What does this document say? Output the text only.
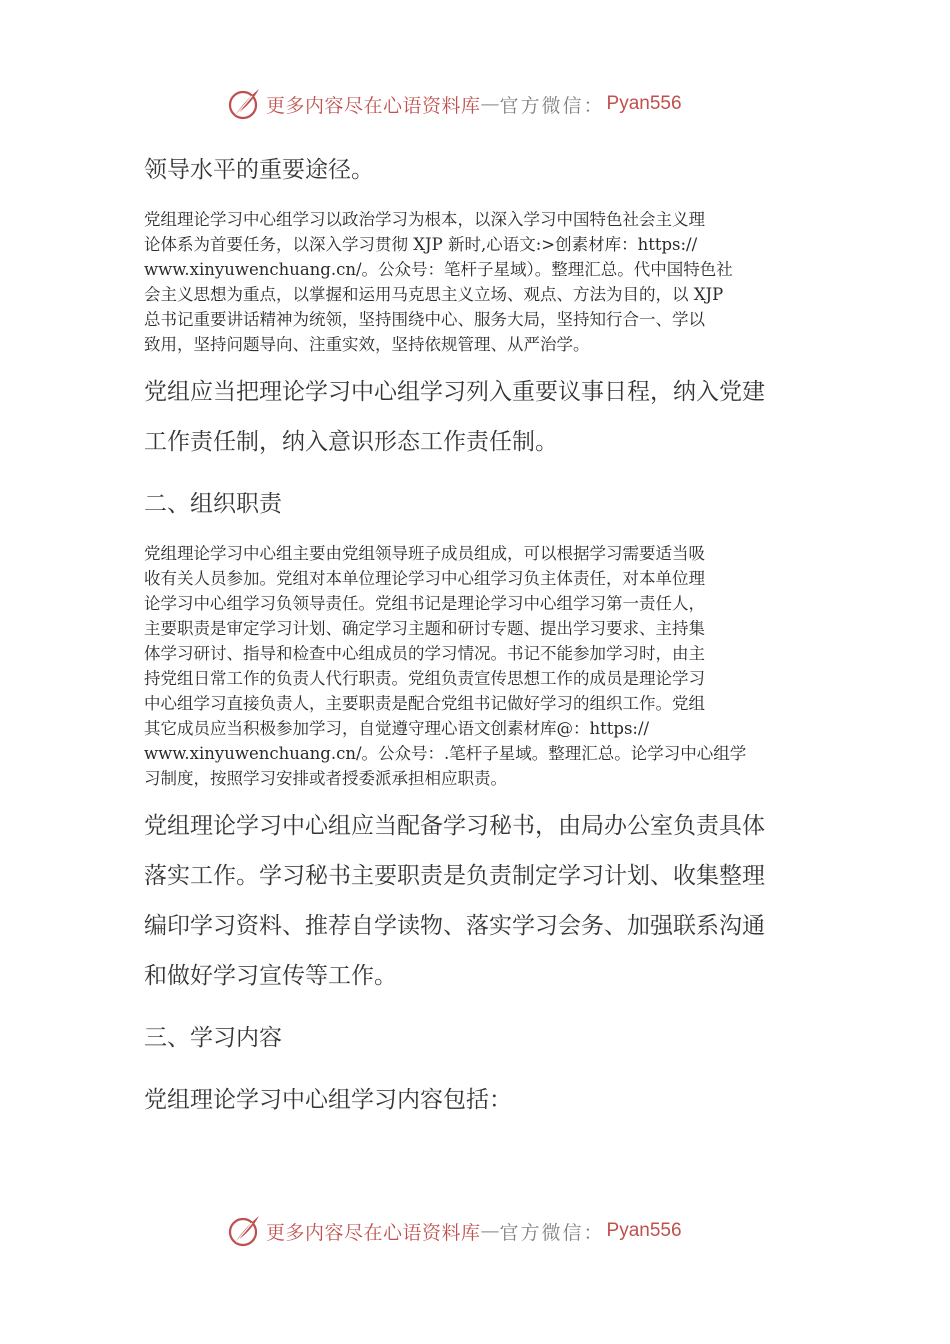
更多内容尽在心语资料库 — 官方微信： Pyan556

领导水平的重要途径。

党组理论学习中心组学习以政治学习为根本，以深入学习中国特色社会主义理
论体系为首要任务，以深入学习贯彻 XJP 新时,心语文:>创素材库：https://
www.xinyuwenchuang.cn/。公众号：笔杆子星域）。整理汇总。代中国特色社
会主义思想为重点，以掌握和运用马克思主义立场、观点、方法为目的，以 XJP
总书记重要讲话精神为统领，坚持围绕中心、服务大局，坚持知行合一、学以
致用，坚持问题导向、注重实效，坚持依规管理、从严治学。

党组应当把理论学习中心组学习列入重要议事日程，纳入党建
工作责任制，纳入意识形态工作责任制。

二、组织职责

党组理论学习中心组主要由党组领导班子成员组成，可以根据学习需要适当吸
收有关人员参加。党组对本单位理论学习中心组学习负主体责任，对本单位理
论学习中心组学习负领导责任。党组书记是理论学习中心组学习第一责任人，
主要职责是审定学习计划、确定学习主题和研讨专题、提出学习要求、主持集
体学习研讨、指导和检查中心组成员的学习情况。书记不能参加学习时，由主
持党组日常工作的负责人代行职责。党组负责宣传思想工作的成员是理论学习
中心组学习直接负责人，主要职责是配合党组书记做好学习的组织工作。党组
其它成员应当积极参加学习，自觉遵守理心语文创素材库@：https://
www.xinyuwenchuang.cn/。公众号：.笔杆子星域。整理汇总。论学习中心组学
习制度，按照学习安排或者授委派承担相应职责。

党组理论学习中心组应当配备学习秘书，由局办公室负责具体
落实工作。学习秘书主要职责是负责制定学习计划、收集整理
编印学习资料、推荐自学读物、落实学习会务、加强联系沟通
和做好学习宣传等工作。

三、学习内容

党组理论学习中心组学习内容包括：

更多内容尽在心语资料库 — 官方微信： Pyan556
